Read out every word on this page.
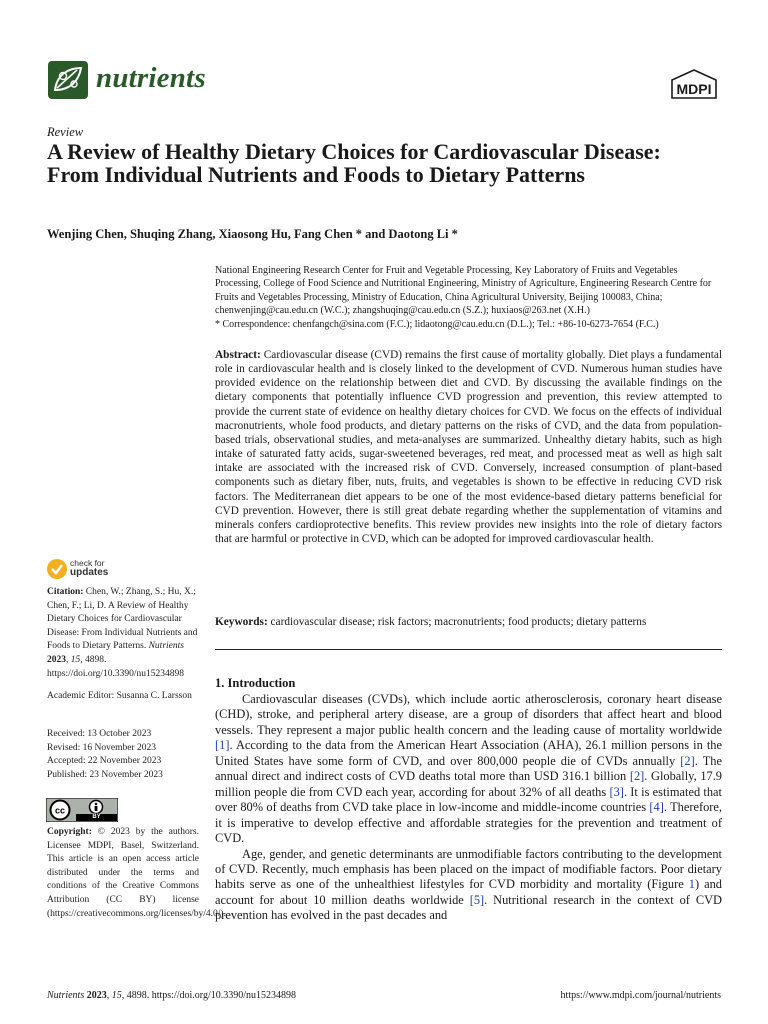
nutrients	MDPI
Review
A Review of Healthy Dietary Choices for Cardiovascular Disease: From Individual Nutrients and Foods to Dietary Patterns
Wenjing Chen, Shuqing Zhang, Xiaosong Hu, Fang Chen * and Daotong Li *

National Engineering Research Center for Fruit and Vegetable Processing, Key Laboratory of Fruits and Vegetables Processing, College of Food Science and Nutritional Engineering, Ministry of Agriculture, Engineering Research Centre for Fruits and Vegetables Processing, Ministry of Education, China Agricultural University, Beijing 100083, China; chenwenjing@cau.edu.cn (W.C.); zhangshuqing@cau.edu.cn (S.Z.); huxiaos@263.net (X.H.)

* Correspondence: chenfangch@sina.com (F.C.); lidaotong@cau.edu.cn (D.L.); Tel.: +86-10-6273-7654 (F.C.)

Abstract: Cardiovascular disease (CVD) remains the first cause of mortality globally. Diet plays a fundamental role in cardiovascular health and is closely linked to the development of CVD. Numerous human studies have provided evidence on the relationship between diet and CVD. By discussing the available findings on the dietary components that potentially influence CVD progression and prevention, this review attempted to provide the current state of evidence on healthy dietary choices for CVD. We focus on the effects of individual macronutrients, whole food products, and dietary patterns on the risks of CVD, and the data from population-based trials, observational studies, and meta-analyses are summarized. Unhealthy dietary habits, such as high intake of saturated fatty acids, sugar-sweetened beverages, red meat, and processed meat as well as high salt intake are associated with the increased risk of CVD. Conversely, increased consumption of plant-based components such as dietary fiber, nuts, fruits, and vegetables is shown to be effective in reducing CVD risk factors. The Mediterranean diet appears to be one of the most evidence-based dietary patterns beneficial for CVD prevention. However, there is still great debate regarding whether the supplementation of vitamins and minerals confers cardioprotective benefits. This review provides new insights into the role of dietary factors that are harmful or protective in CVD, which can be adopted for improved cardiovascular health.
Keywords: cardiovascular disease; risk factors; macronutrients; food products; dietary patterns
check for
updates

Citation: Chen, W.; Zhang, S.; Hu, X.; Chen, F.; Li, D. A Review of Healthy Dietary Choices for Cardiovascular Disease: From Individual Nutrients and Foods to Dietary Patterns. Nutrients 2023, 15, 4898. https://doi.org/10.3390/nu15234898

Academic Editor: Susanna C. Larsson

Received: 13 October 2023

Revised: 16 November 2023

Accepted: 22 November 2023

Published: 23 November 2023

cc
BY

Copyright: © 2023 by the authors. Licensee MDPI, Basel, Switzerland. This article is an open access article distributed under the terms and conditions of the Creative Commons Attribution (CC BY) license (https://creativecommons.org/licenses/by/4.0/).

1. Introduction

Cardiovascular diseases (CVDs), which include aortic atherosclerosis, coronary heart disease (CHD), stroke, and peripheral artery disease, are a group of disorders that affect heart and blood vessels. They represent a major public health concern and the leading cause of mortality worldwide [1]. According to the data from the American Heart Association (AHA), 26.1 million persons in the United States have some form of CVD, and over 800,000 people die of CVDs annually [2]. The annual direct and indirect costs of CVD deaths total more than USD 316.1 billion [2]. Globally, 17.9 million people die from CVD each year, according for about 32% of all deaths [3]. It is estimated that over 80% of deaths from CVD take place in low-income and middle-income countries [4]. Therefore, it is imperative to develop effective and affordable strategies for the prevention and treatment of CVD.

Age, gender, and genetic determinants are unmodifiable factors contributing to the development of CVD. Recently, much emphasis has been placed on the impact of modifiable factors. Poor dietary habits serve as one of the unhealthiest lifestyles for CVD morbidity and mortality (Figure 1) and account for about 10 million deaths worldwide [5]. Nutritional research in the context of CVD prevention has evolved in the past decades and

Nutrients 2023, 15, 4898. https://doi.org/10.3390/nu15234898	https://www.mdpi.com/journal/nutrients
